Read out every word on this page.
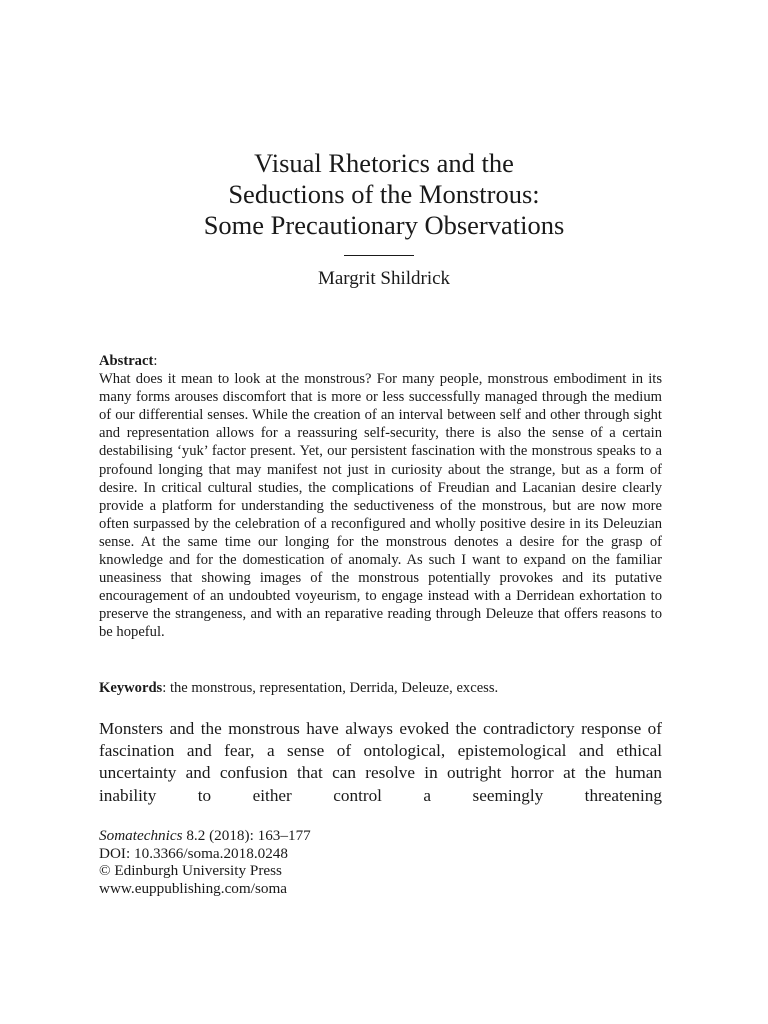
Visual Rhetorics and the
Seductions of the Monstrous:
Some Precautionary Observations

Margrit Shildrick

Abstract:
What does it mean to look at the monstrous? For many people, monstrous embodiment in its many forms arouses discomfort that is more or less successfully managed through the medium of our differential senses. While the creation of an interval between self and other through sight and representation allows for a reassuring self-security, there is also the sense of a certain destabilising ‘yuk’ factor present. Yet, our persistent fascination with the monstrous speaks to a profound longing that may manifest not just in curiosity about the strange, but as a form of desire. In critical cultural studies, the complications of Freudian and Lacanian desire clearly provide a platform for understanding the seductiveness of the monstrous, but are now more often surpassed by the celebration of a reconfigured and wholly positive desire in its Deleuzian sense. At the same time our longing for the monstrous denotes a desire for the grasp of knowledge and for the domestication of anomaly. As such I want to expand on the familiar uneasiness that showing images of the monstrous potentially provokes and its putative encouragement of an undoubted voyeurism, to engage instead with a Derridean exhortation to preserve the strangeness, and with an reparative reading through Deleuze that offers reasons to be hopeful.

Keywords: the monstrous, representation, Derrida, Deleuze, excess.

Monsters and the monstrous have always evoked the contradictory response of fascination and fear, a sense of ontological, epistemological and ethical uncertainty and confusion that can resolve in outright horror at the human inability to either control a seemingly threatening

Somatechnics 8.2 (2018): 163–177
DOI: 10.3366/soma.2018.0248
© Edinburgh University Press
www.euppublishing.com/soma
